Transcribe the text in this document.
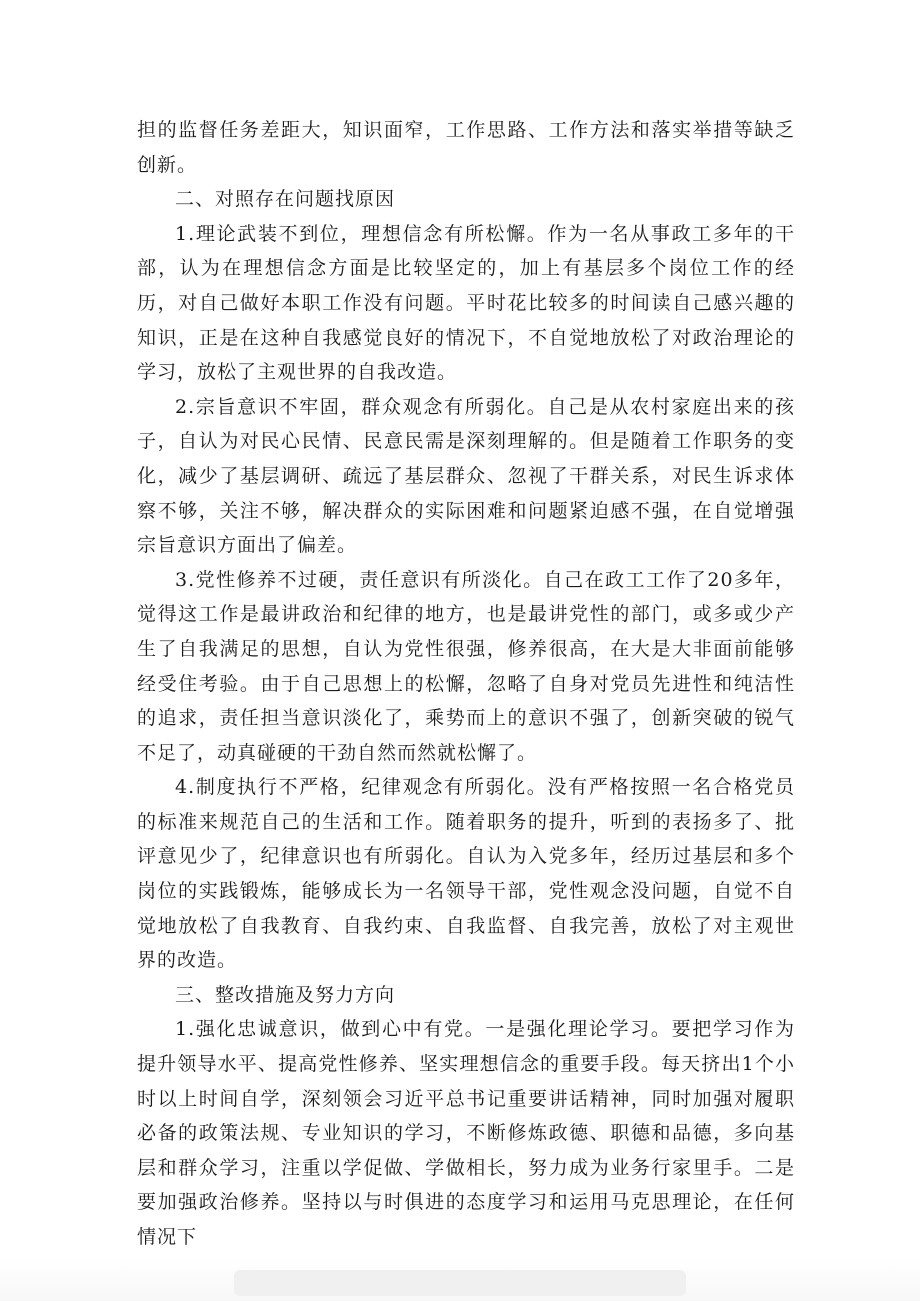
担的监督任务差距大，知识面窄，工作思路、工作方法和落实举措等缺乏创新。

二、对照存在问题找原因

1.理论武装不到位，理想信念有所松懈。作为一名从事政工多年的干部，认为在理想信念方面是比较坚定的，加上有基层多个岗位工作的经历，对自己做好本职工作没有问题。平时花比较多的时间读自己感兴趣的知识，正是在这种自我感觉良好的情况下，不自觉地放松了对政治理论的学习，放松了主观世界的自我改造。

2.宗旨意识不牢固，群众观念有所弱化。自己是从农村家庭出来的孩子，自认为对民心民情、民意民需是深刻理解的。但是随着工作职务的变化，减少了基层调研、疏远了基层群众、忽视了干群关系，对民生诉求体察不够，关注不够，解决群众的实际困难和问题紧迫感不强，在自觉增强宗旨意识方面出了偏差。

3.党性修养不过硬，责任意识有所淡化。自己在政工工作了20多年，觉得这工作是最讲政治和纪律的地方，也是最讲党性的部门，或多或少产生了自我满足的思想，自认为党性很强，修养很高，在大是大非面前能够经受住考验。由于自己思想上的松懈，忽略了自身对党员先进性和纯洁性的追求，责任担当意识淡化了，乘势而上的意识不强了，创新突破的锐气不足了，动真碰硬的干劲自然而然就松懈了。

4.制度执行不严格，纪律观念有所弱化。没有严格按照一名合格党员的标准来规范自己的生活和工作。随着职务的提升，听到的表扬多了、批评意见少了，纪律意识也有所弱化。自认为入党多年，经历过基层和多个岗位的实践锻炼，能够成长为一名领导干部，党性观念没问题，自觉不自觉地放松了自我教育、自我约束、自我监督、自我完善，放松了对主观世界的改造。

三、整改措施及努力方向

1.强化忠诚意识，做到心中有党。一是强化理论学习。要把学习作为提升领导水平、提高党性修养、坚实理想信念的重要手段。每天挤出1个小时以上时间自学，深刻领会习近平总书记重要讲话精神，同时加强对履职必备的政策法规、专业知识的学习，不断修炼政德、职德和品德，多向基层和群众学习，注重以学促做、学做相长，努力成为业务行家里手。二是要加强政治修养。坚持以与时俱进的态度学习和运用马克思理论，在任何情况下
